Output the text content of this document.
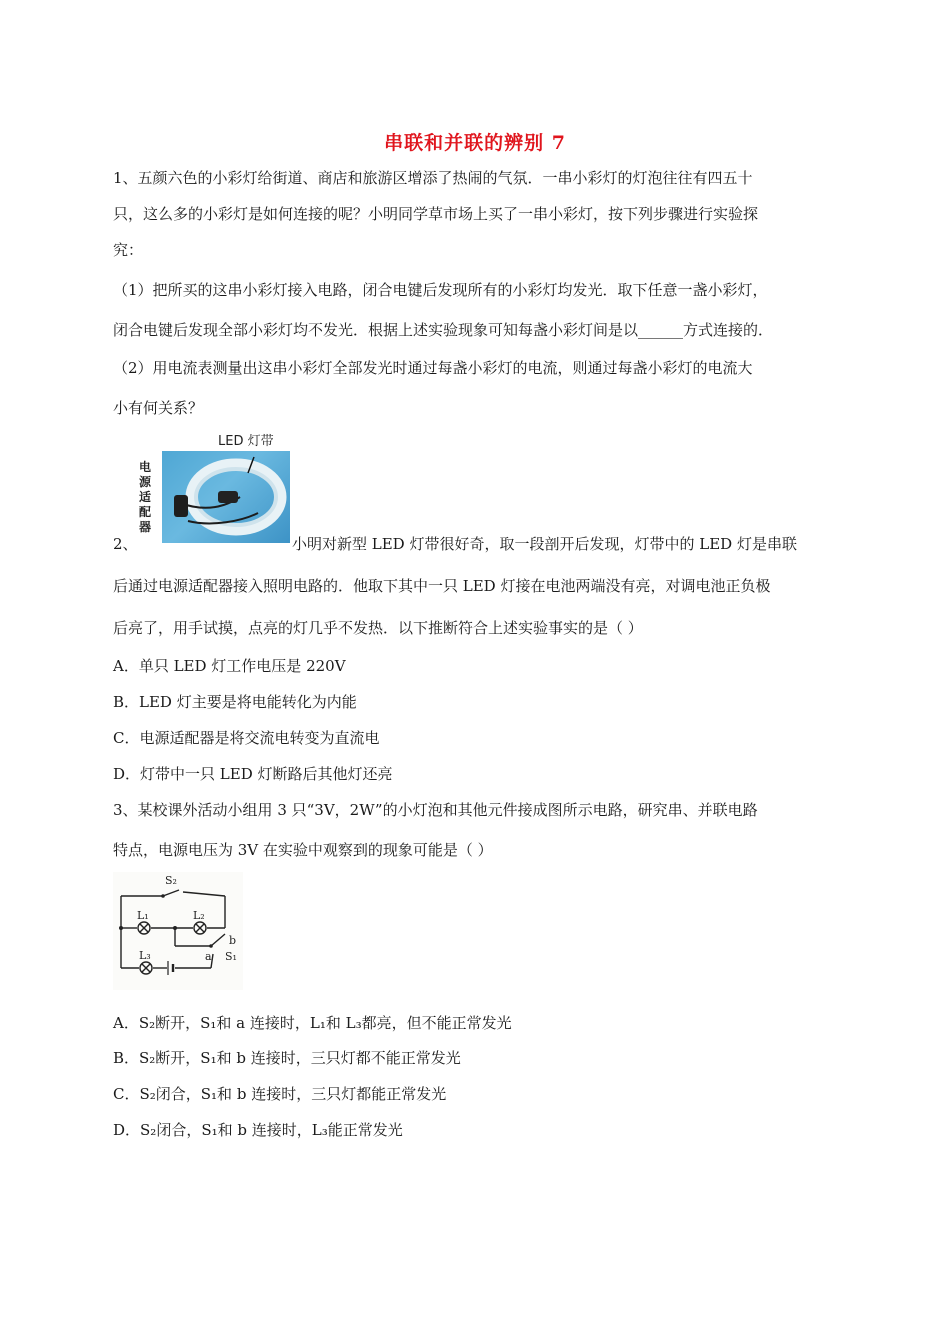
串联和并联的辨别 7
1、五颜六色的小彩灯给街道、商店和旅游区增添了热闹的气氛．一串小彩灯的灯泡往往有四五十
只，这么多的小彩灯是如何连接的呢？小明同学草市场上买了一串小彩灯，按下列步骤进行实验探
究：
（1）把所买的这串小彩灯接入电路，闭合电键后发现所有的小彩灯均发光．取下任意一盏小彩灯，
闭合电键后发现全部小彩灯均不发光．根据上述实验现象可知每盏小彩灯间是以______方式连接的．
（2）用电流表测量出这串小彩灯全部发光时通过每盏小彩灯的电流，则通过每盏小彩灯的电流大
小有何关系？
LED 灯带
电源适配器
2、	小明对新型 LED 灯带很好奇，取一段剖开后发现，灯带中的 LED 灯是串联
后通过电源适配器接入照明电路的．他取下其中一只 LED 灯接在电池两端没有亮，对调电池正负极
后亮了，用手试摸，点亮的灯几乎不发热．以下推断符合上述实验事实的是（ ）
A．单只 LED 灯工作电压是 220V
B．LED 灯主要是将电能转化为内能
C．电源适配器是将交流电转变为直流电
D．灯带中一只 LED 灯断路后其他灯还亮
3、某校课外活动小组用 3 只“3V，2W”的小灯泡和其他元件接成图所示电路，研究串、并联电路
特点，电源电压为 3V 在实验中观察到的现象可能是（ ）
S₂
L₁	L₂
L₃	a
b
S₁
A．S₂断开，S₁和 a 连接时，L₁和 L₃都亮，但不能正常发光
B．S₂断开，S₁和 b 连接时，三只灯都不能正常发光
C．S₂闭合，S₁和 b 连接时，三只灯都能正常发光
D．S₂闭合，S₁和 b 连接时，L₃能正常发光
